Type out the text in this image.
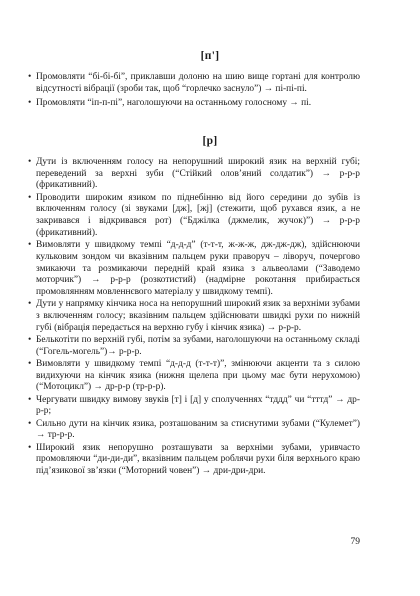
[п']
• Промовляти “бі-бі-бі”, приклавши долоню на шию вище гортані для контролю відсутності вібрації (зроби так, щоб “горлечко заснуло”) → пі-пі-пі.
• Промовляти “іп-п-пі”, наголошуючи на останньому голосному → пі.
[р]
• Дути із включенням голосу на непорушний широкий язик на верхній губі; переведений за верхні зуби (“Стійкий олов’яний солдатик”) → р-р-р (фрикативний).
• Проводити широким язиком по піднебінню від його середини до зубів із включенням голосу (зі звуками [дж], [жj] (стежити, щоб рухався язик, а не закривався і відкривався рот) (“Бджілка (джмелик, жучок)”) → р-р-р (фрикативний).
• Вимовляти у швидкому темпі “д-д-д” (т-т-т, ж-ж-ж, дж-дж-дж), здійснюючи кульковим зондом чи вказівним пальцем руки праворуч – ліворуч, почергово змикаючи та розмикаючи передній край язика з альвеолами (“Заводемо моторчик”) → р-р-р (розкотистий) (надмірне рокотання прибирається промовлянням мовленнєвого матеріалу у швидкому темпі).
• Дути у напрямку кінчика носа на непорушний широкий язик за верхніми зубами з включенням голосу; вказівним пальцем здійснювати швидкі рухи по нижній губі (вібрація передається на верхню губу і кінчик язика) → р-р-р.
• Белькотіти по верхній губі, потім за зубами, наголошуючи на останньому складі (“Гогель-могель”)→ р-р-р.
• Вимовляти у швидкому темпі “д-д-д (т-т-т)”, змінюючи акценти та з силою видихуючи на кінчик язика (нижня щелепа при цьому має бути нерухомою) (“Мотоцикл”) → др-р-р (тр-р-р).
• Чергувати швидку вимову звуків [т] і [д] у сполученнях “тддд” чи “тттд” → др-р-р;
• Сильно дути на кінчик язика, розташованим за стиснутими зубами (“Кулемет”) → тр-р-р.
• Широкий язик непорушно розташувати за верхніми зубами, уривчасто промовляючи “ди-ди-ди”, вказівним пальцем роблячи рухи біля верхнього краю під’язикової зв’язки (“Моторний човен”) → дри-дри-дри.
79
